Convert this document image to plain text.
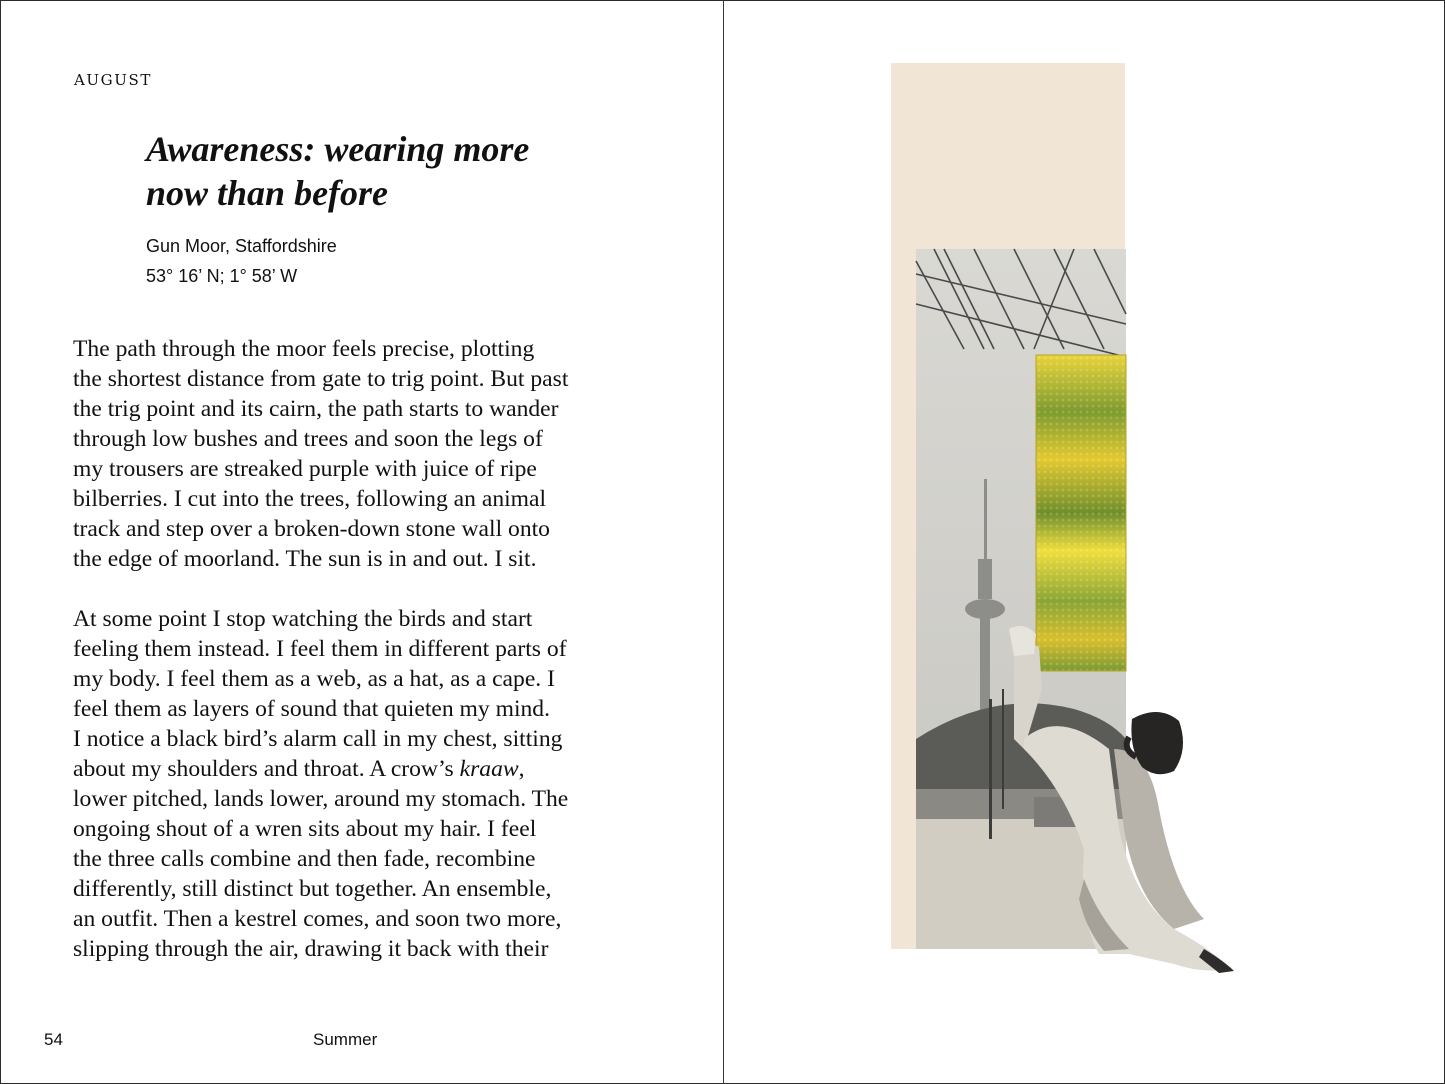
AUGUST
Awareness: wearing more
now than before
Gun Moor, Staffordshire
53° 16’ N; 1° 58’ W

The path through the moor feels precise, plotting
the shortest distance from gate to trig point. But past
the trig point and its cairn, the path starts to wander
through low bushes and trees and soon the legs of
my trousers are streaked purple with juice of ripe
bilberries. I cut into the trees, following an animal
track and step over a broken-down stone wall onto
the edge of moorland. The sun is in and out. I sit.

At some point I stop watching the birds and start
feeling them instead. I feel them in different parts of
my body. I feel them as a web, as a hat, as a cape. I
feel them as layers of sound that quieten my mind.
I notice a black bird’s alarm call in my chest, sitting
about my shoulders and throat. A crow’s kraaw,
lower pitched, lands lower, around my stomach. The
ongoing shout of a wren sits about my hair. I feel
the three calls combine and then fade, recombine
differently, still distinct but together. An ensemble,
an outfit. Then a kestrel comes, and soon two more,
slipping through the air, drawing it back with their

54	Summer
